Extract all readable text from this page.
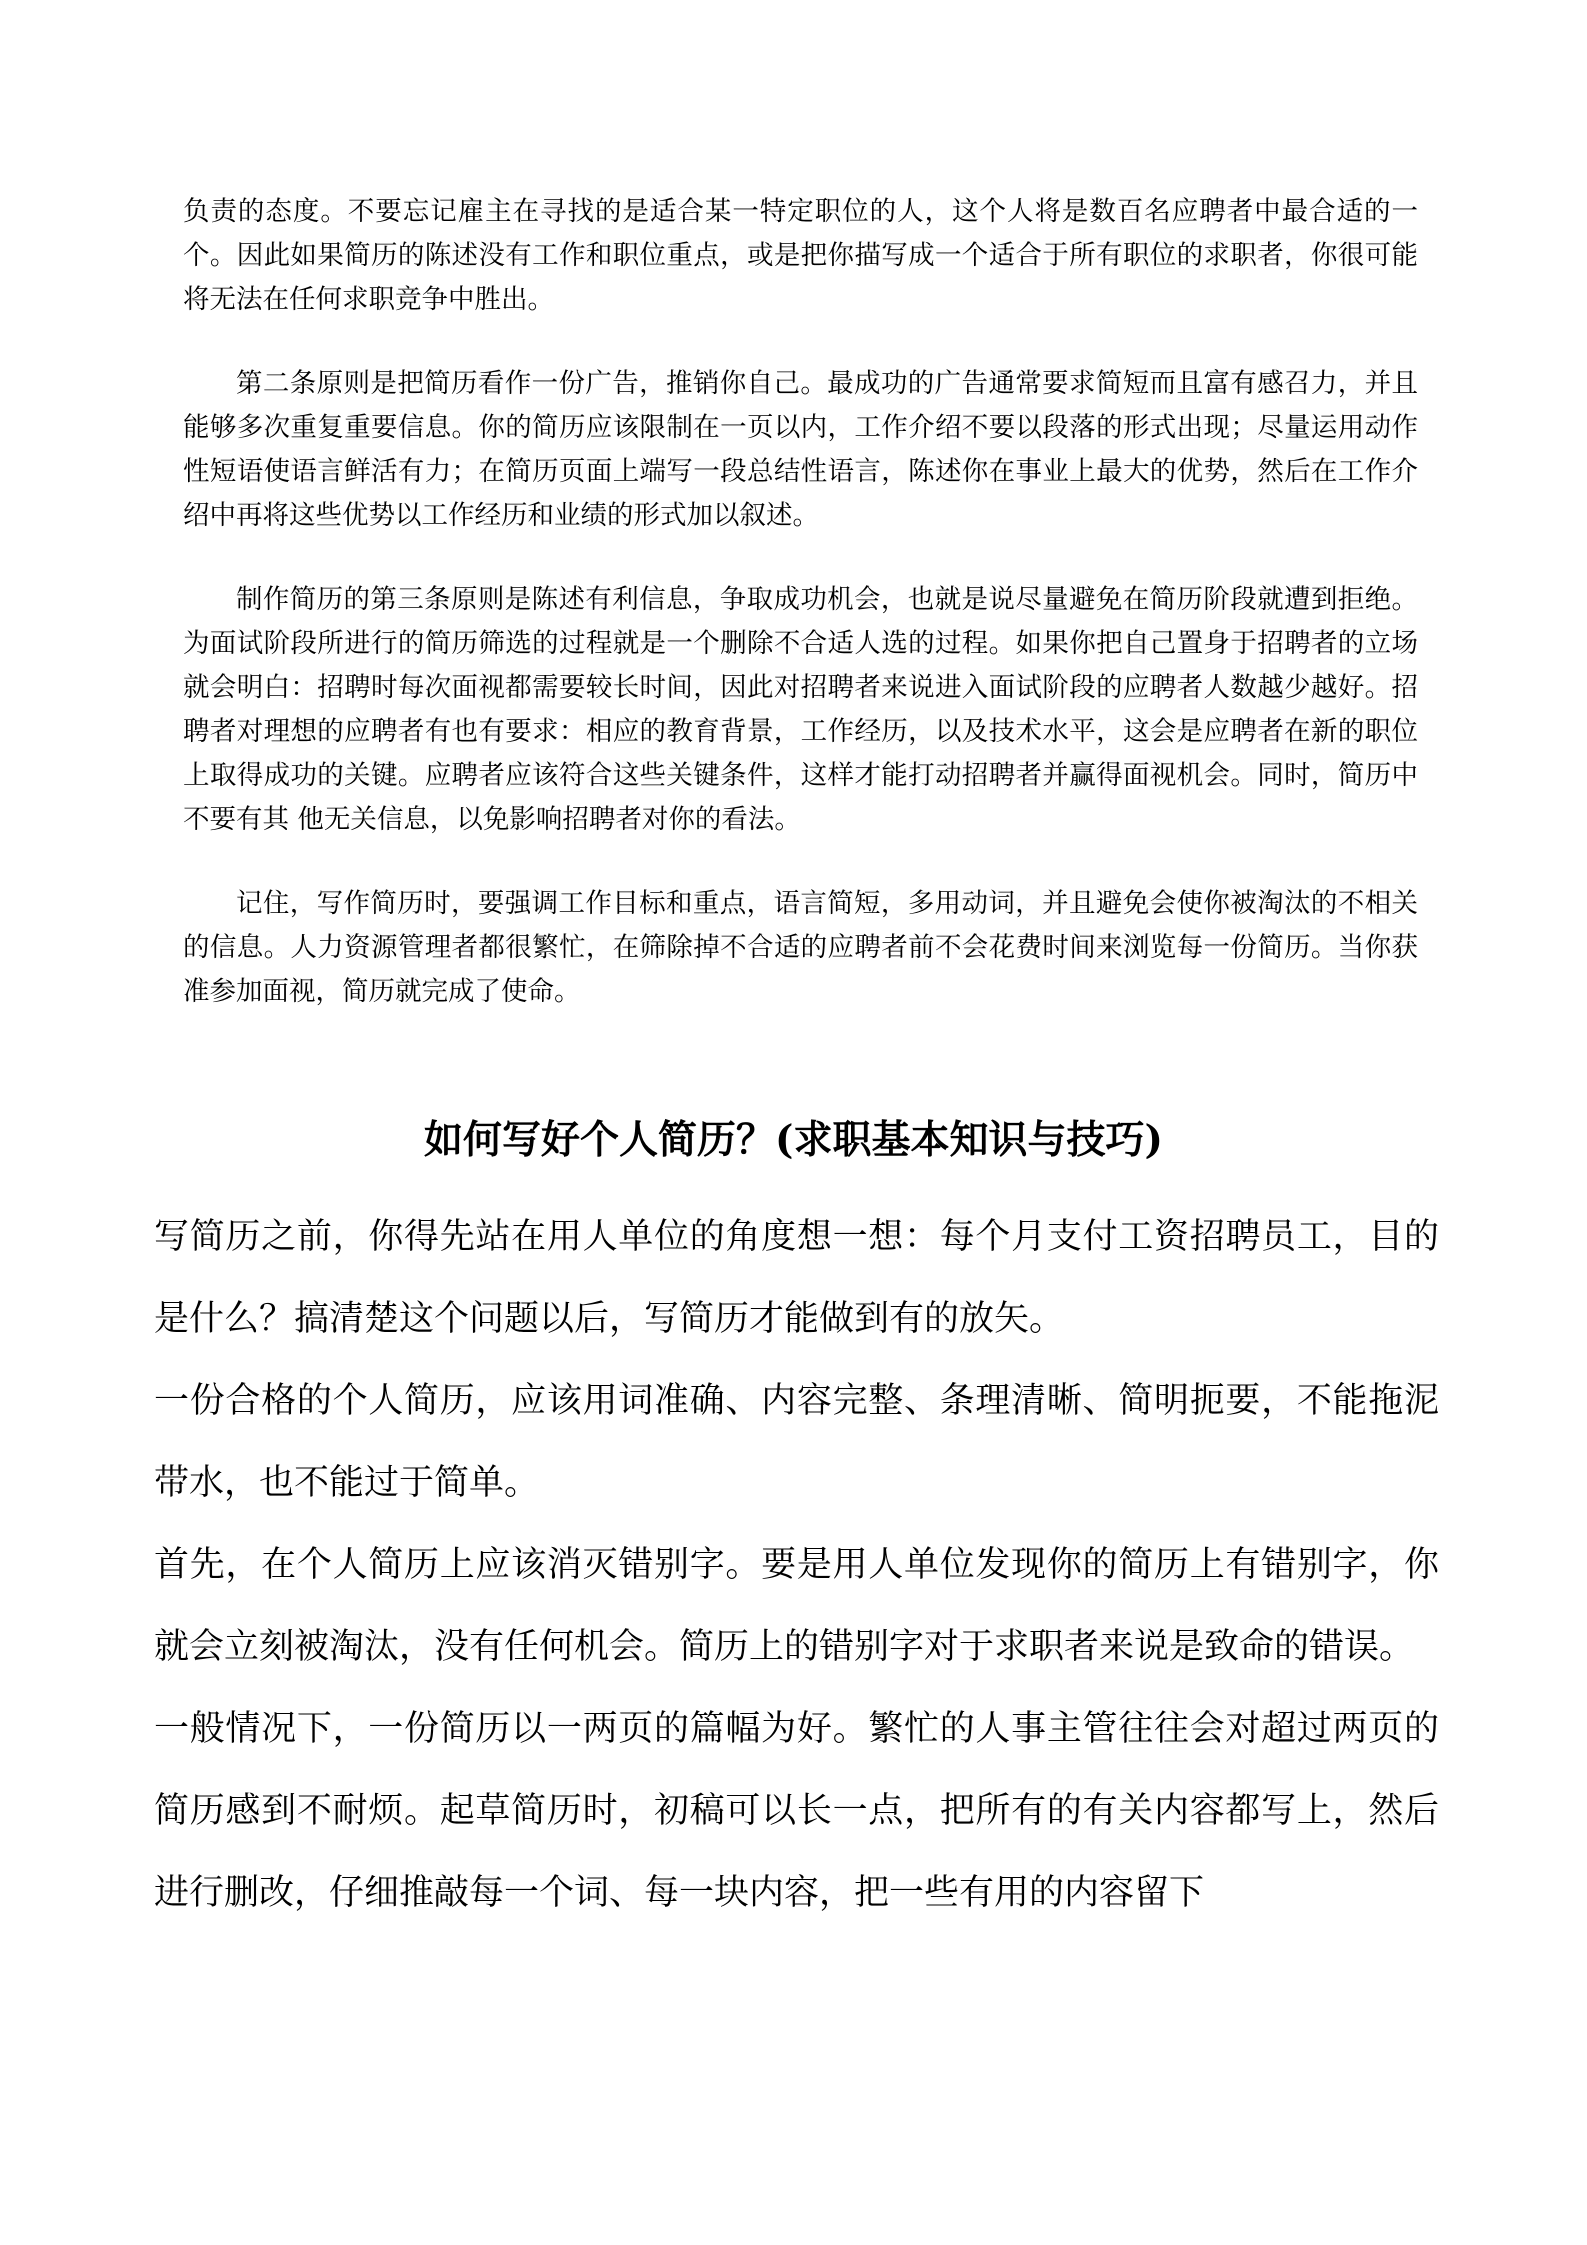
负责的态度。不要忘记雇主在寻找的是适合某一特定职位的人，这个人将是数百名应聘者中最合适的一个。因此如果简历的陈述没有工作和职位重点，或是把你描写成一个适合于所有职位的求职者，你很可能将无法在任何求职竞争中胜出。

第二条原则是把简历看作一份广告，推销你自己。最成功的广告通常要求简短而且富有感召力，并且能够多次重复重要信息。你的简历应该限制在一页以内，工作介绍不要以段落的形式出现；尽量运用动作性短语使语言鲜活有力；在简历页面上端写一段总结性语言，陈述你在事业上最大的优势，然后在工作介绍中再将这些优势以工作经历和业绩的形式加以叙述。

制作简历的第三条原则是陈述有利信息，争取成功机会，也就是说尽量避免在简历阶段就遭到拒绝。为面试阶段所进行的简历筛选的过程就是一个删除不合适人选的过程。如果你把自己置身于招聘者的立场就会明白：招聘时每次面视都需要较长时间，因此对招聘者来说进入面试阶段的应聘者人数越少越好。招聘者对理想的应聘者有也有要求：相应的教育背景，工作经历，以及技术水平，这会是应聘者在新的职位上取得成功的关键。应聘者应该符合这些关键条件，这样才能打动招聘者并赢得面视机会。同时，简历中不要有其 他无关信息，以免影响招聘者对你的看法。

记住，写作简历时，要强调工作目标和重点，语言简短，多用动词，并且避免会使你被淘汰的不相关的信息。人力资源管理者都很繁忙，在筛除掉不合适的应聘者前不会花费时间来浏览每一份简历。当你获准参加面视，简历就完成了使命。

如何写好个人简历？(求职基本知识与技巧)

写简历之前，你得先站在用人单位的角度想一想：每个月支付工资招聘员工，目的是什么？搞清楚这个问题以后，写简历才能做到有的放矢。

一份合格的个人简历，应该用词准确、内容完整、条理清晰、简明扼要，不能拖泥带水，也不能过于简单。

首先，在个人简历上应该消灭错别字。要是用人单位发现你的简历上有错别字，你就会立刻被淘汰，没有任何机会。简历上的错别字对于求职者来说是致命的错误。

一般情况下，一份简历以一两页的篇幅为好。繁忙的人事主管往往会对超过两页的简历感到不耐烦。起草简历时，初稿可以长一点，把所有的有关内容都写上，然后进行删改，仔细推敲每一个词、每一块内容，把一些有用的内容留下
